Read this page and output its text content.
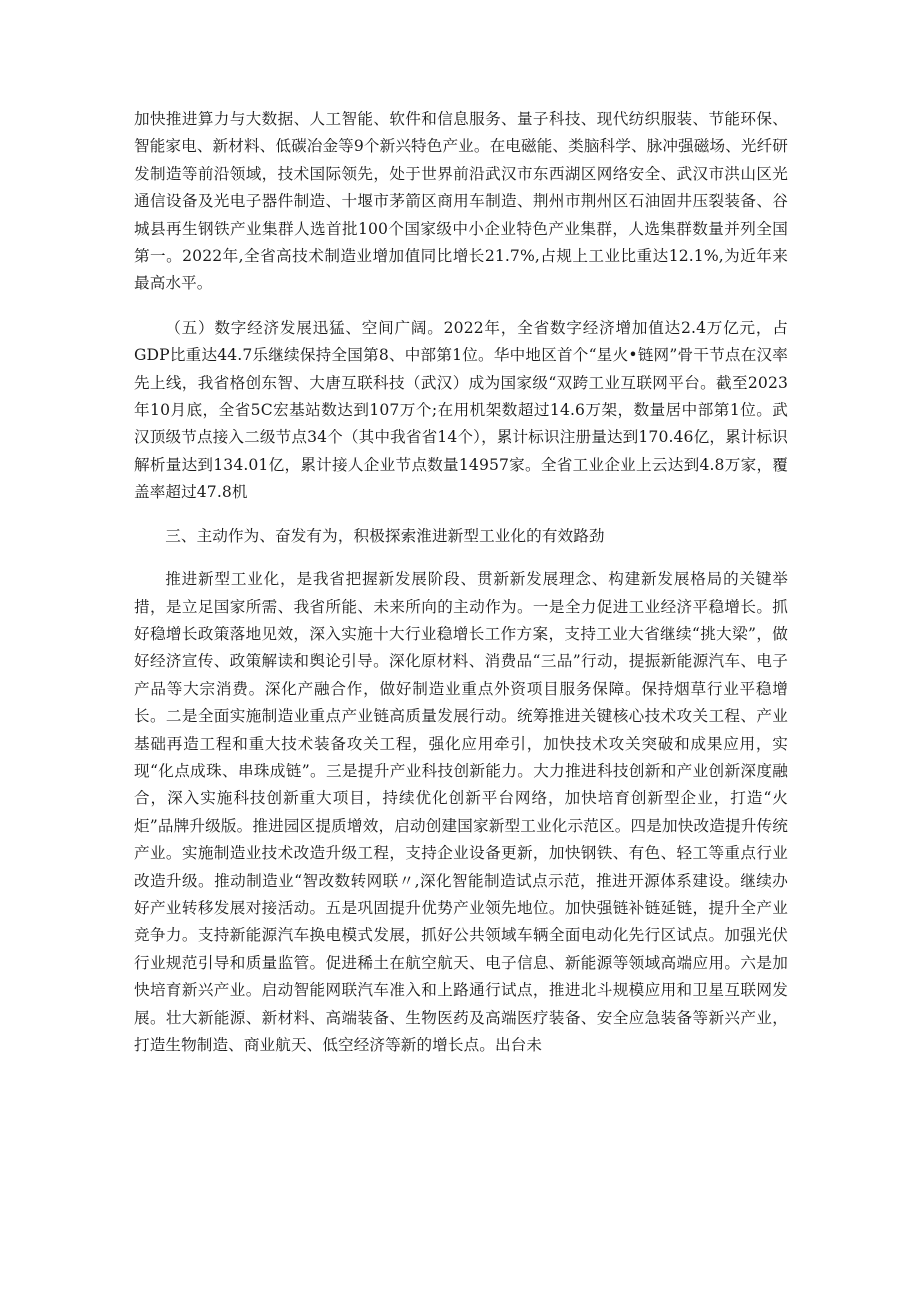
加快推进算力与大数据、人工智能、软件和信息服务、量子科技、现代纺织服装、节能环保、智能家电、新材料、低碳冶金等9个新兴特色产业。在电磁能、类脑科学、脉冲强磁场、光纤研发制造等前沿领域，技术国际领先，处于世界前沿武汉市东西湖区网络安全、武汉市洪山区光通信设备及光电子器件制造、十堰市茅箭区商用车制造、荆州市荆州区石油固井压裂装备、谷城县再生钢铁产业集群人选首批100个国家级中小企业特色产业集群，人选集群数量并列全国第一。2022年,全省高技术制造业增加值同比增长21.7%,占规上工业比重达12.1%,为近年来最高水平。

（五）数字经济发展迅猛、空间广阔。2022年，全省数字经济增加值达2.4万亿元，占GDP比重达44.7乐继续保持全国第8、中部第1位。华中地区首个“星火•链网”骨干节点在汉率先上线，我省格创东智、大唐互联科技（武汉）成为国家级“双跨工业互联网平台。截至2023年10月底，全省5C宏基站数达到107万个;在用机架数超过14.6万架，数量居中部第1位。武汉顶级节点接入二级节点34个（其中我省省14个），累计标识注册量达到170.46亿，累计标识解析量达到134.01亿，累计接人企业节点数量14957家。全省工业企业上云达到4.8万家，覆盖率超过47.8机

三、主动作为、奋发有为，积极探索淮进新型工业化的有效路劲

推进新型工业化，是我省把握新发展阶段、贯新新发展理念、构建新发展格局的关键举措，是立足国家所需、我省所能、未来所向的主动作为。一是全力促进工业经济平稳增长。抓好稳增长政策落地见效，深入实施十大行业稳增长工作方案，支持工业大省继续“挑大梁”，做好经济宣传、政策解读和舆论引导。深化原材料、消费品“三品”行动，提振新能源汽车、电子产品等大宗消费。深化产融合作，做好制造业重点外资项目服务保障。保持烟草行业平稳增长。二是全面实施制造业重点产业链高质量发展行动。统筹推进关键核心技术攻关工程、产业基础再造工程和重大技术装备攻关工程，强化应用牵引，加快技术攻关突破和成果应用，实现“化点成珠、串珠成链”。三是提升产业科技创新能力。大力推进科技创新和产业创新深度融合，深入实施科技创新重大项目，持续优化创新平台网络，加快培育创新型企业，打造“火炬”品牌升级版。推进园区提质增效，启动创建国家新型工业化示范区。四是加快改造提升传统产业。实施制造业技术改造升级工程，支持企业设备更新，加快钢铁、有色、轻工等重点行业改造升级。推动制造业“智改数转网联〃,深化智能制造试点示范，推进开源体系建设。继续办好产业转移发展对接活动。五是巩固提升优势产业领先地位。加快强链补链延链，提升全产业竞争力。支持新能源汽车换电模式发展，抓好公共领域车辆全面电动化先行区试点。加强光伏行业规范引导和质量监管。促进稀土在航空航天、电子信息、新能源等领域高端应用。六是加快培育新兴产业。启动智能网联汽车准入和上路通行试点，推进北斗规模应用和卫星互联网发展。壮大新能源、新材料、高端装备、生物医药及高端医疗装备、安全应急装备等新兴产业，打造生物制造、商业航天、低空经济等新的增长点。出台未
